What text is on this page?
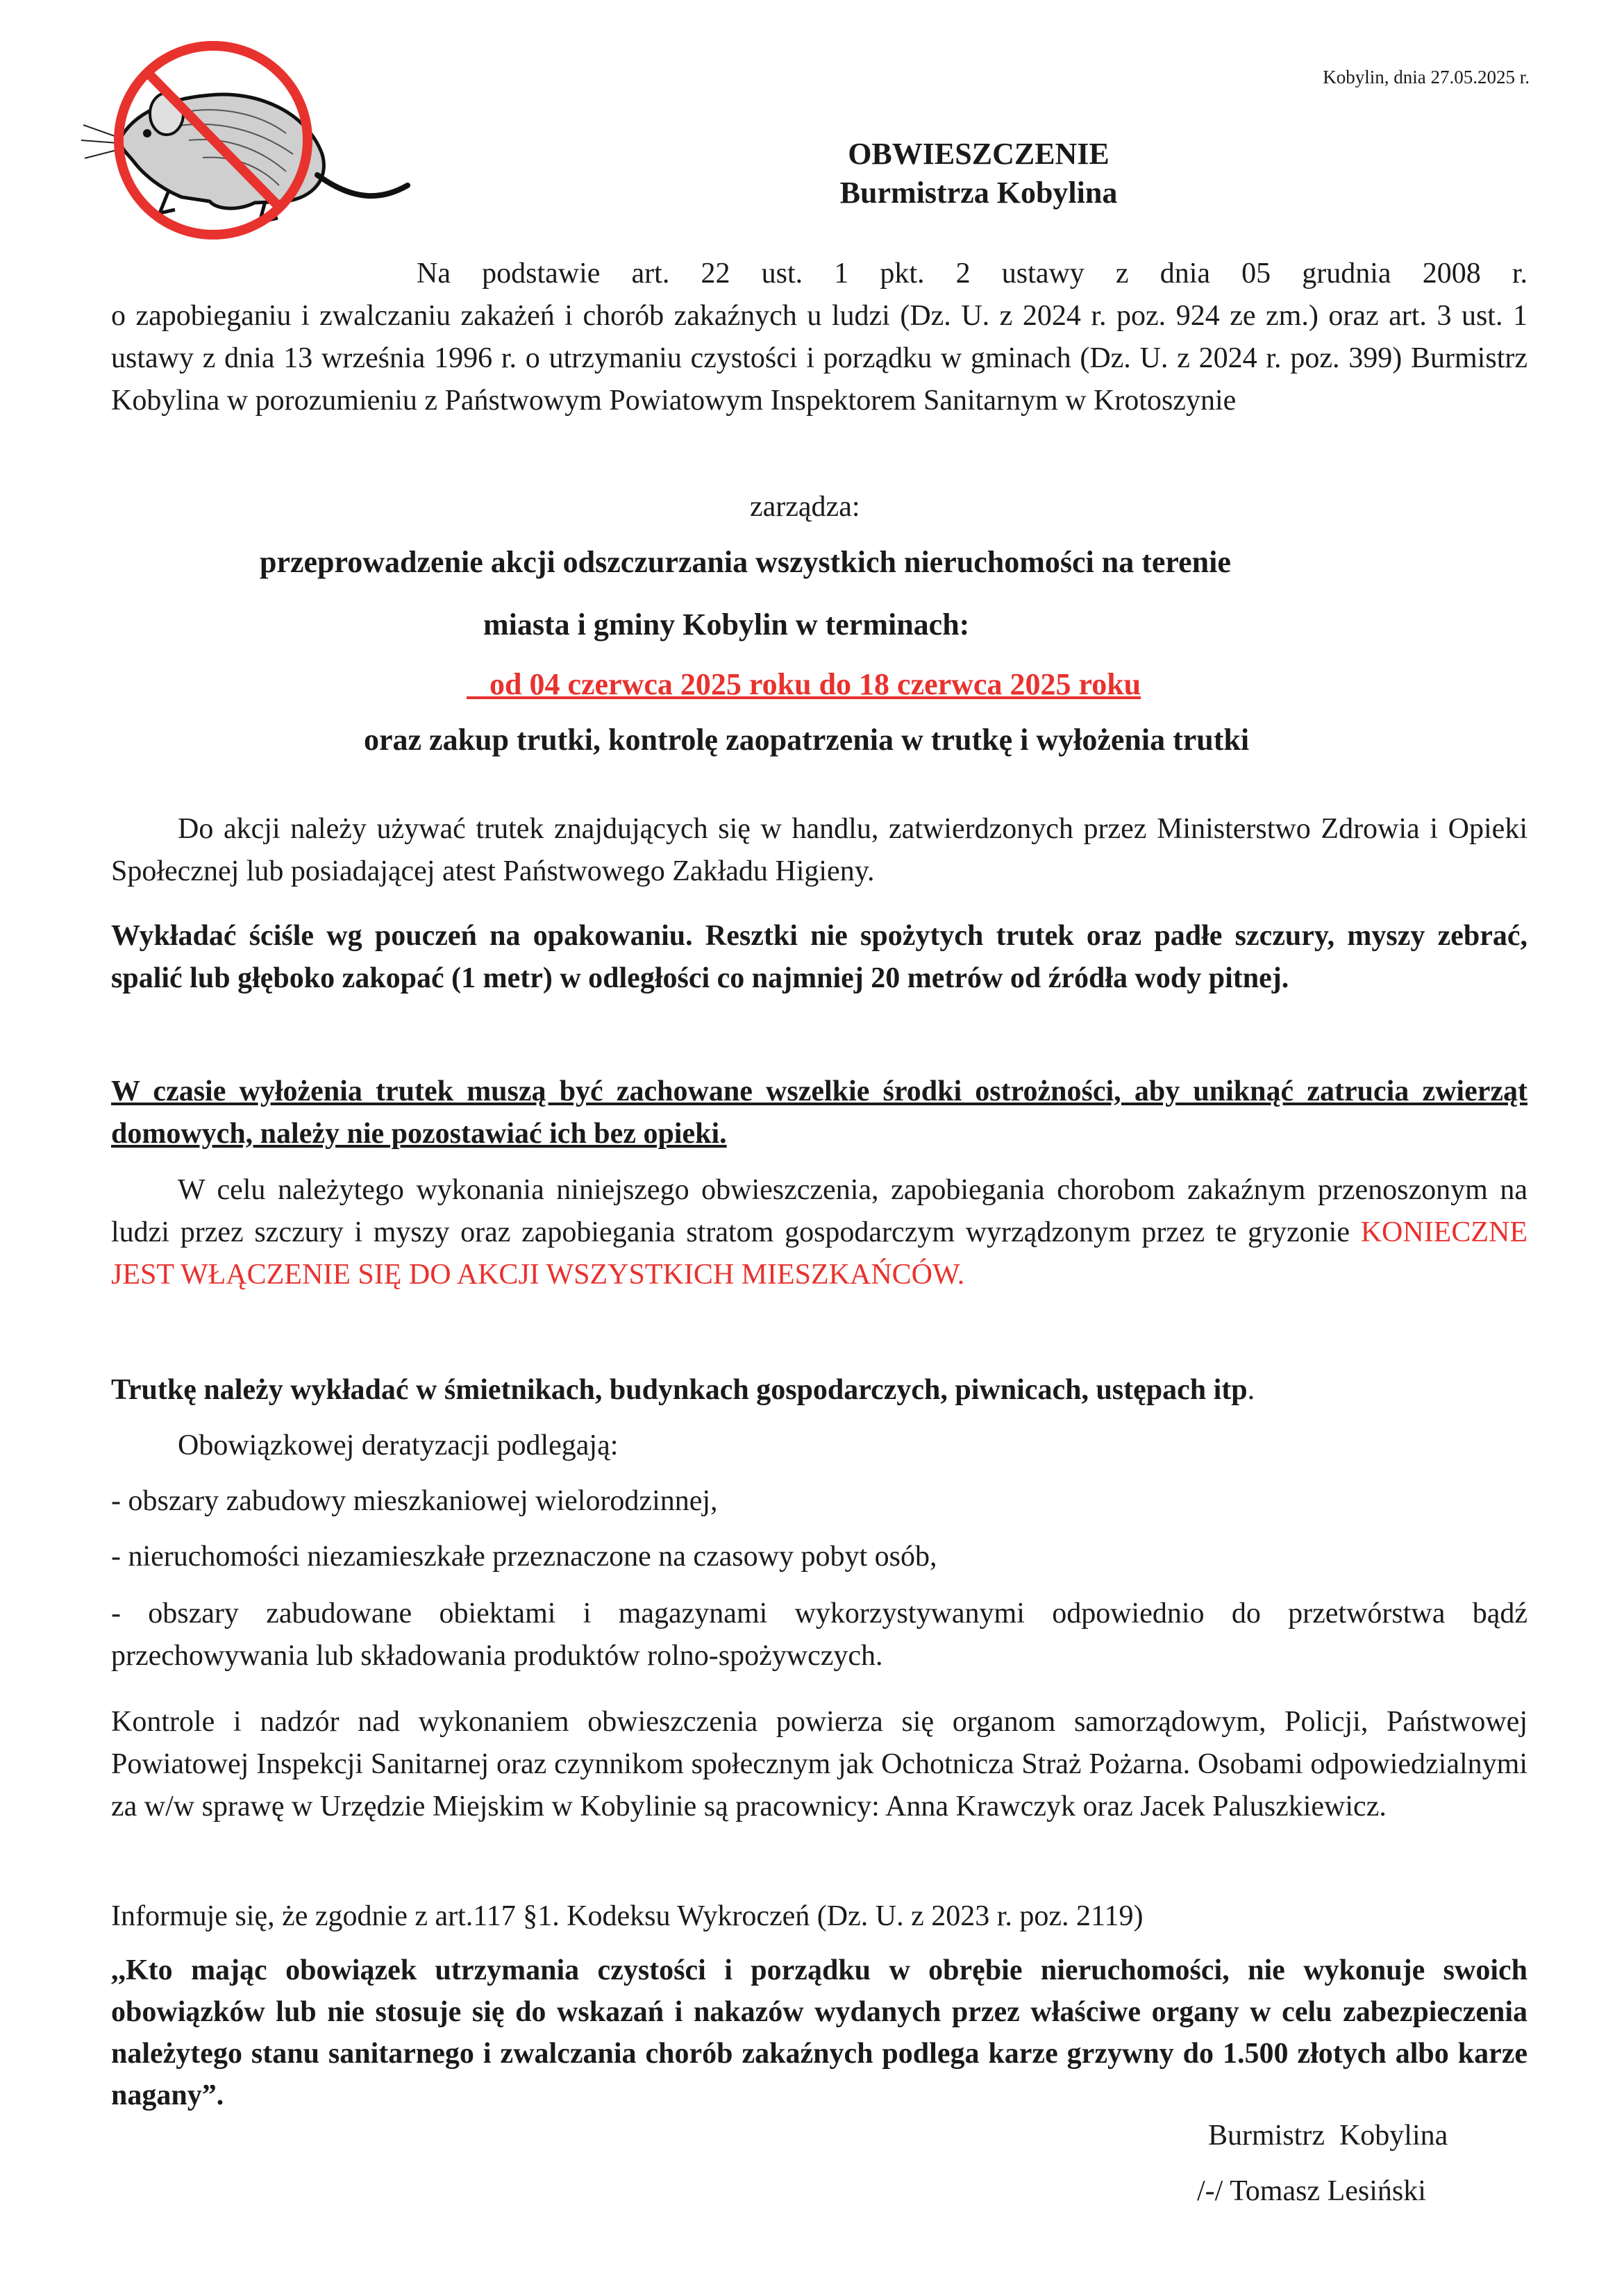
Kobylin, dnia 27.05.2025 r.
OBWIESZCZENIE
Burmistrza Kobylina
Na podstawie art. 22 ust. 1 pkt. 2 ustawy z dnia 05 grudnia 2008 r.
o zapobieganiu i zwalczaniu zakażeń i chorób zakaźnych u ludzi (Dz. U. z 2024 r. poz. 924 ze zm.) oraz art. 3 ust. 1 ustawy z dnia 13 września 1996 r. o utrzymaniu czystości i porządku w gminach (Dz. U. z 2024 r. poz. 399) Burmistrz Kobylina w porozumieniu z Państwowym Powiatowym Inspektorem Sanitarnym w Krotoszynie
zarządza:
przeprowadzenie akcji odszczurzania wszystkich nieruchomości na terenie
miasta i gminy Kobylin w terminach:
od 04 czerwca 2025 roku do 18 czerwca 2025 roku
oraz zakup trutki, kontrolę zaopatrzenia w trutkę i wyłożenia trutki
Do akcji należy używać trutek znajdujących się w handlu, zatwierdzonych przez Ministerstwo Zdrowia i Opieki Społecznej lub posiadającej atest Państwowego Zakładu Higieny.
Wykładać ściśle wg pouczeń na opakowaniu. Resztki nie spożytych trutek oraz padłe szczury, myszy zebrać, spalić lub głęboko zakopać (1 metr) w odległości co najmniej 20 metrów od źródła wody pitnej.
W czasie wyłożenia trutek muszą być zachowane wszelkie środki ostrożności, aby uniknąć zatrucia zwierząt domowych, należy nie pozostawiać ich bez opieki.
W celu należytego wykonania niniejszego obwieszczenia, zapobiegania chorobom zakaźnym przenoszonym na ludzi przez szczury i myszy oraz zapobiegania stratom gospodarczym wyrządzonym przez te gryzonie KONIECZNE JEST WŁĄCZENIE SIĘ DO AKCJI WSZYSTKICH MIESZKAŃCÓW.
Trutkę należy wykładać w śmietnikach, budynkach gospodarczych, piwnicach, ustępach itp.
Obowiązkowej deratyzacji podlegają:
- obszary zabudowy mieszkaniowej wielorodzinnej,
- nieruchomości niezamieszkałe przeznaczone na czasowy pobyt osób,
- obszary zabudowane obiektami i magazynami wykorzystywanymi odpowiednio do przetwórstwa bądź przechowywania lub składowania produktów rolno-spożywczych.
Kontrole i nadzór nad wykonaniem obwieszczenia powierza się organom samorządowym, Policji, Państwowej Powiatowej Inspekcji Sanitarnej oraz czynnikom społecznym jak Ochotnicza Straż Pożarna. Osobami odpowiedzialnymi za w/w sprawę w Urzędzie Miejskim w Kobylinie są pracownicy: Anna Krawczyk oraz Jacek Paluszkiewicz.
Informuje się, że zgodnie z art.117 §1. Kodeksu Wykroczeń (Dz. U. z 2023 r. poz. 2119)
,,Kto mając obowiązek utrzymania czystości i porządku w obrębie nieruchomości, nie wykonuje swoich obowiązków lub nie stosuje się do wskazań i nakazów wydanych przez właściwe organy w celu zabezpieczenia należytego stanu sanitarnego i zwalczania chorób zakaźnych podlega karze grzywny do 1.500 złotych albo karze nagany”.
Burmistrz  Kobylina
/-/ Tomasz Lesiński
